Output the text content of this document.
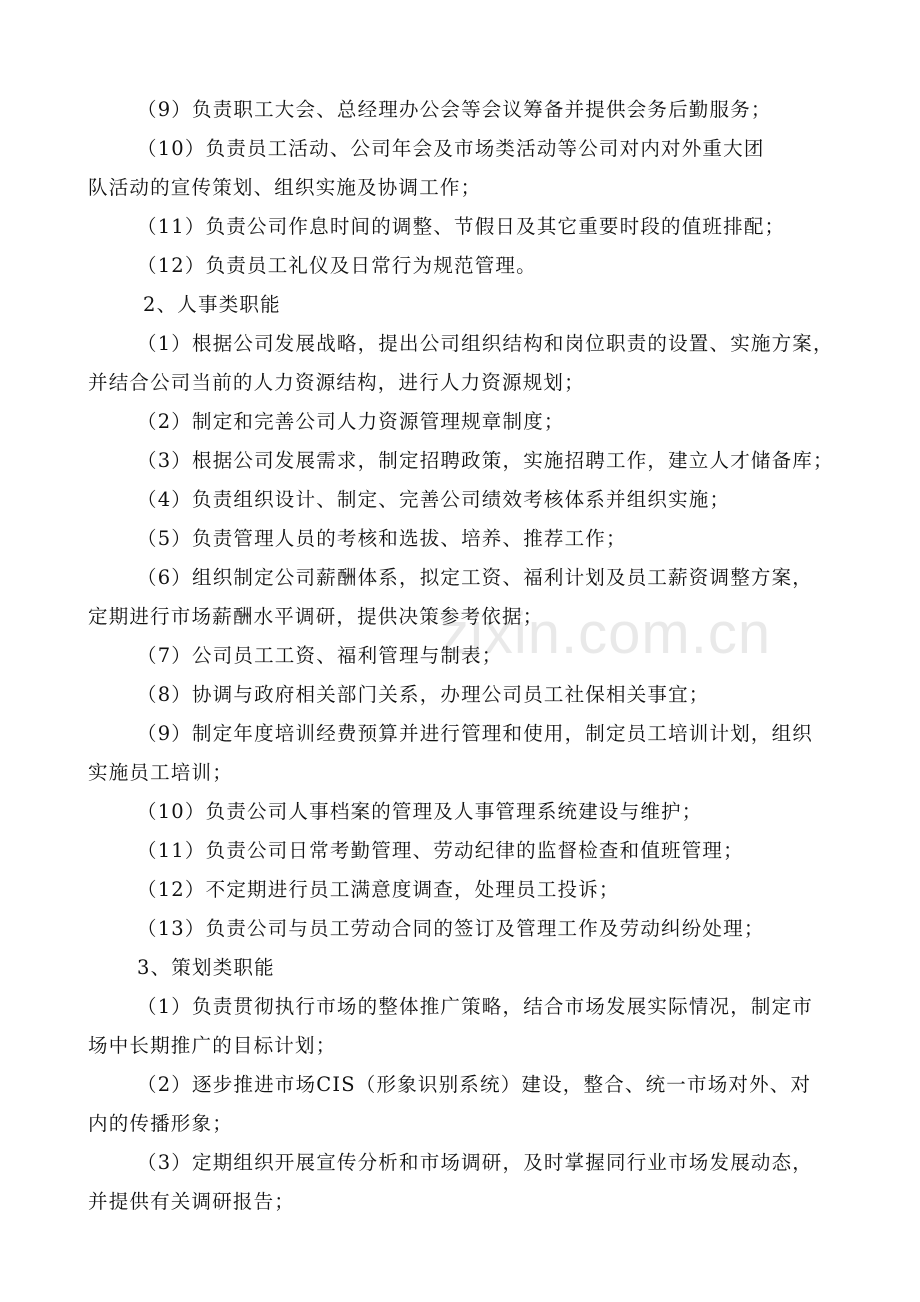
zixin.com.cn
（9）负责职工大会、总经理办公会等会议筹备并提供会务后勤服务；
（10）负责员工活动、公司年会及市场类活动等公司对内对外重大团
队活动的宣传策划、组织实施及协调工作；
（11）负责公司作息时间的调整、节假日及其它重要时段的值班排配；
（12）负责员工礼仪及日常行为规范管理。
2、人事类职能
（1）根据公司发展战略，提出公司组织结构和岗位职责的设置、实施方案，
并结合公司当前的人力资源结构，进行人力资源规划；
（2）制定和完善公司人力资源管理规章制度；
（3）根据公司发展需求，制定招聘政策，实施招聘工作，建立人才储备库；
（4）负责组织设计、制定、完善公司绩效考核体系并组织实施；
（5）负责管理人员的考核和选拔、培养、推荐工作；
（6）组织制定公司薪酬体系，拟定工资、福利计划及员工薪资调整方案，
定期进行市场薪酬水平调研，提供决策参考依据；
（7）公司员工工资、福利管理与制表；
（8）协调与政府相关部门关系，办理公司员工社保相关事宜；
（9）制定年度培训经费预算并进行管理和使用，制定员工培训计划，组织
实施员工培训；
（10）负责公司人事档案的管理及人事管理系统建设与维护；
（11）负责公司日常考勤管理、劳动纪律的监督检查和值班管理；
（12）不定期进行员工满意度调查，处理员工投诉；
（13）负责公司与员工劳动合同的签订及管理工作及劳动纠纷处理；
3、策划类职能
（1）负责贯彻执行市场的整体推广策略，结合市场发展实际情况，制定市
场中长期推广的目标计划；
（2）逐步推进市场CIS（形象识别系统）建设，整合、统一市场对外、对
内的传播形象；
（3）定期组织开展宣传分析和市场调研，及时掌握同行业市场发展动态，
并提供有关调研报告；
